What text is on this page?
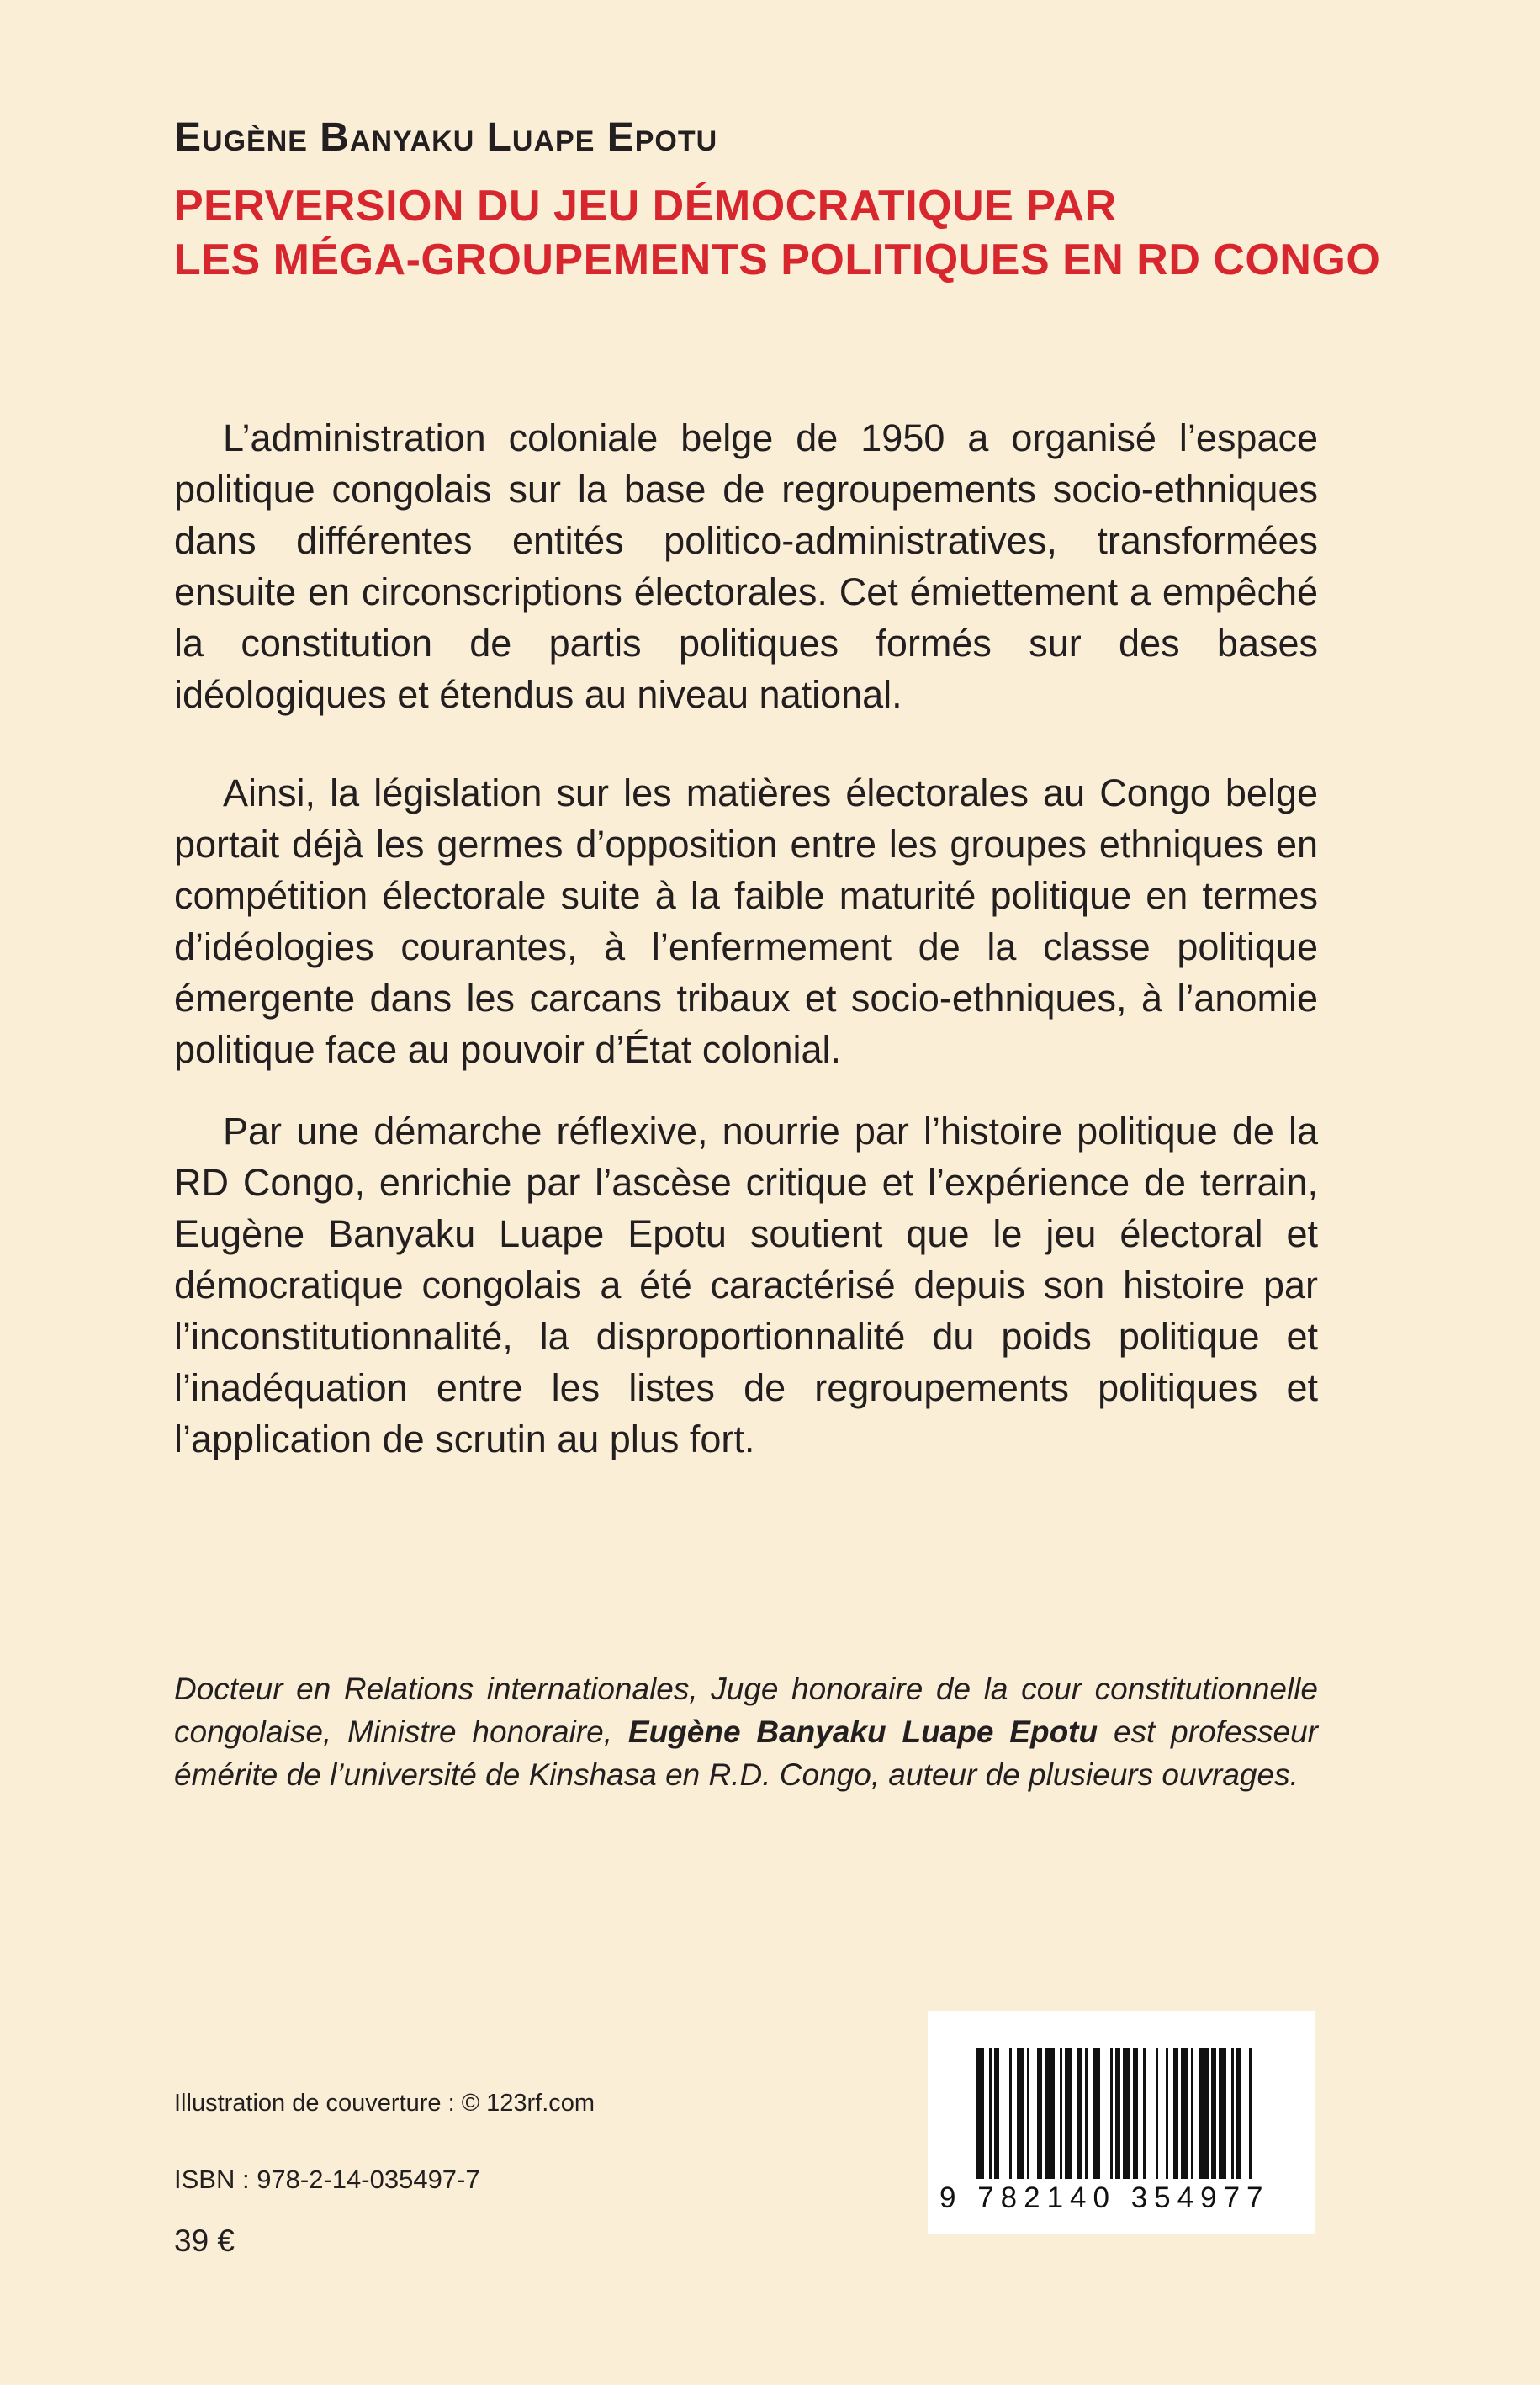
Eugène Banyaku Luape Epotu
PERVERSION DU JEU DÉMOCRATIQUE PAR
LES MÉGA-GROUPEMENTS POLITIQUES EN RD CONGO

L’administration coloniale belge de 1950 a organisé l’espace politique congolais sur la base de regroupements socio-ethniques dans différentes entités politico-administratives, transformées ensuite en circonscriptions électorales. Cet émiettement a empêché la constitution de partis politiques formés sur des bases idéologiques et étendus au niveau national.

Ainsi, la législation sur les matières électorales au Congo belge portait déjà les germes d’opposition entre les groupes ethniques en compétition électorale suite à la faible maturité politique en termes d’idéologies courantes, à l’enfermement de la classe politique émergente dans les carcans tribaux et socio-ethniques, à l’anomie politique face au pouvoir d’État colonial.

Par une démarche réflexive, nourrie par l’histoire politique de la RD Congo, enrichie par l’ascèse critique et l’expérience de terrain, Eugène Banyaku Luape Epotu soutient que le jeu électoral et démocratique congolais a été caractérisé depuis son histoire par l’inconstitutionnalité, la disproportionnalité du poids politique et l’inadéquation entre les listes de regroupements politiques et l’application de scrutin au plus fort.

Docteur en Relations internationales, Juge honoraire de la cour constitutionnelle congolaise, Ministre honoraire, Eugène Banyaku Luape Epotu est professeur émérite de l’université de Kinshasa en R.D. Congo, auteur de plusieurs ouvrages.

Illustration de couverture : © 123rf.com
ISBN : 978-2-14-035497-7
39 €
9 782140 354977
